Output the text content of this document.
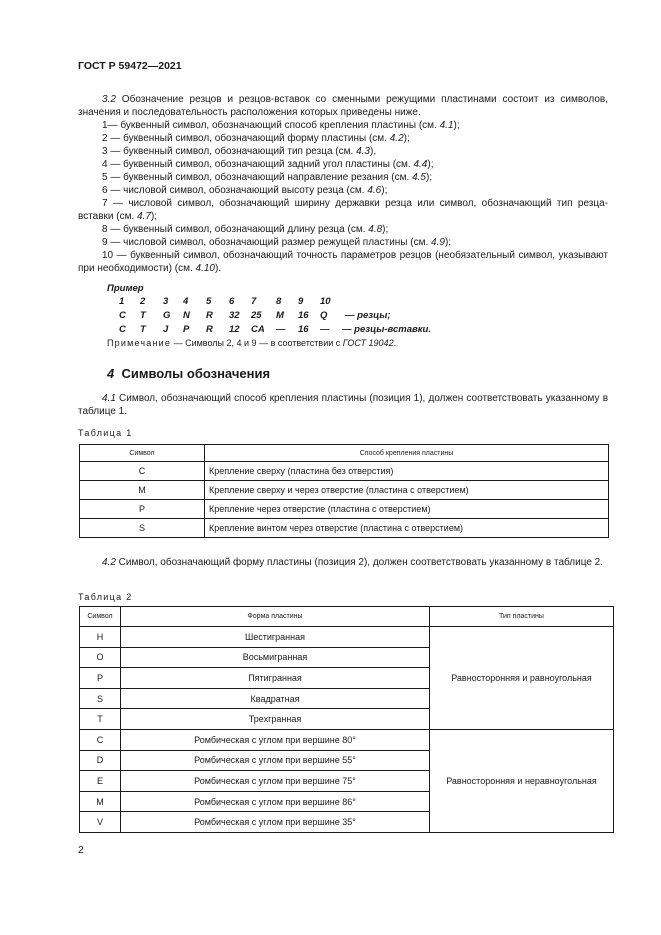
ГОСТ Р 59472—2021
3.2 Обозначение резцов и резцов-вставок со сменными режущими пластинами состоит из символов, значения и последовательность расположения которых приведены ниже.
1— буквенный символ, обозначающий способ крепления пластины (см. 4.1);
2 — буквенный символ, обозначающий форму пластины (см. 4.2);
3 — буквенный символ, обозначающий тип резца (см. 4.3),
4 — буквенный символ, обозначающий задний угол пластины (см. 4.4);
5 — буквенный символ, обозначающий направление резания (см. 4.5);
6 — числовой символ, обозначающий высоту резца (см. 4.6);
7 — числовой символ, обозначающий ширину державки резца или символ, обозначающий тип резца-вставки (см. 4.7);
8 — буквенный символ, обозначающий длину резца (см. 4.8);
9 — числовой символ, обозначающий размер режущей пластины (см. 4.9);
10 — буквенный символ, обозначающий точность параметров резцов (необязательный символ, указывают при необходимости) (см. 4.10).
Пример
1 2 3 4 5 6 7 8 9 10
C T G N R 32 25 M 16 Q — резцы;
C T J P R 12 CA — 16 — — резцы-вставки.
Примечание — Символы 2, 4 и 9 — в соответствии с ГОСТ 19042.
4 Символы обозначения
4.1 Символ, обозначающий способ крепления пластины (позиция 1), должен соответствовать указанному в таблице 1.
Таблица 1
Символ	Способ крепления пластины
C	Крепление сверху (пластина без отверстия)
M	Крепление сверху и через отверстие (пластина с отверстием)
P	Крепление через отверстие (пластина с отверстием)
S	Крепление винтом через отверстие (пластина с отверстием)
4.2 Символ, обозначающий форму пластины (позиция 2), должен соответствовать указанному в таблице 2.
Таблица 2
Символ	Форма пластины	Тип пластины
H	Шестигранная	Равносторонняя и равноугольная
O	Восьмигранная	
P	Пятигранная	
S	Квадратная	
T	Трехгранная	
C	Ромбическая с углом при вершине 80°	Равносторонняя и неравноугольная
D	Ромбическая с углом при вершине 55°	
E	Ромбическая с углом при вершине 75°	
M	Ромбическая с углом при вершине 86°	
V	Ромбическая с углом при вершине 35°	
2
